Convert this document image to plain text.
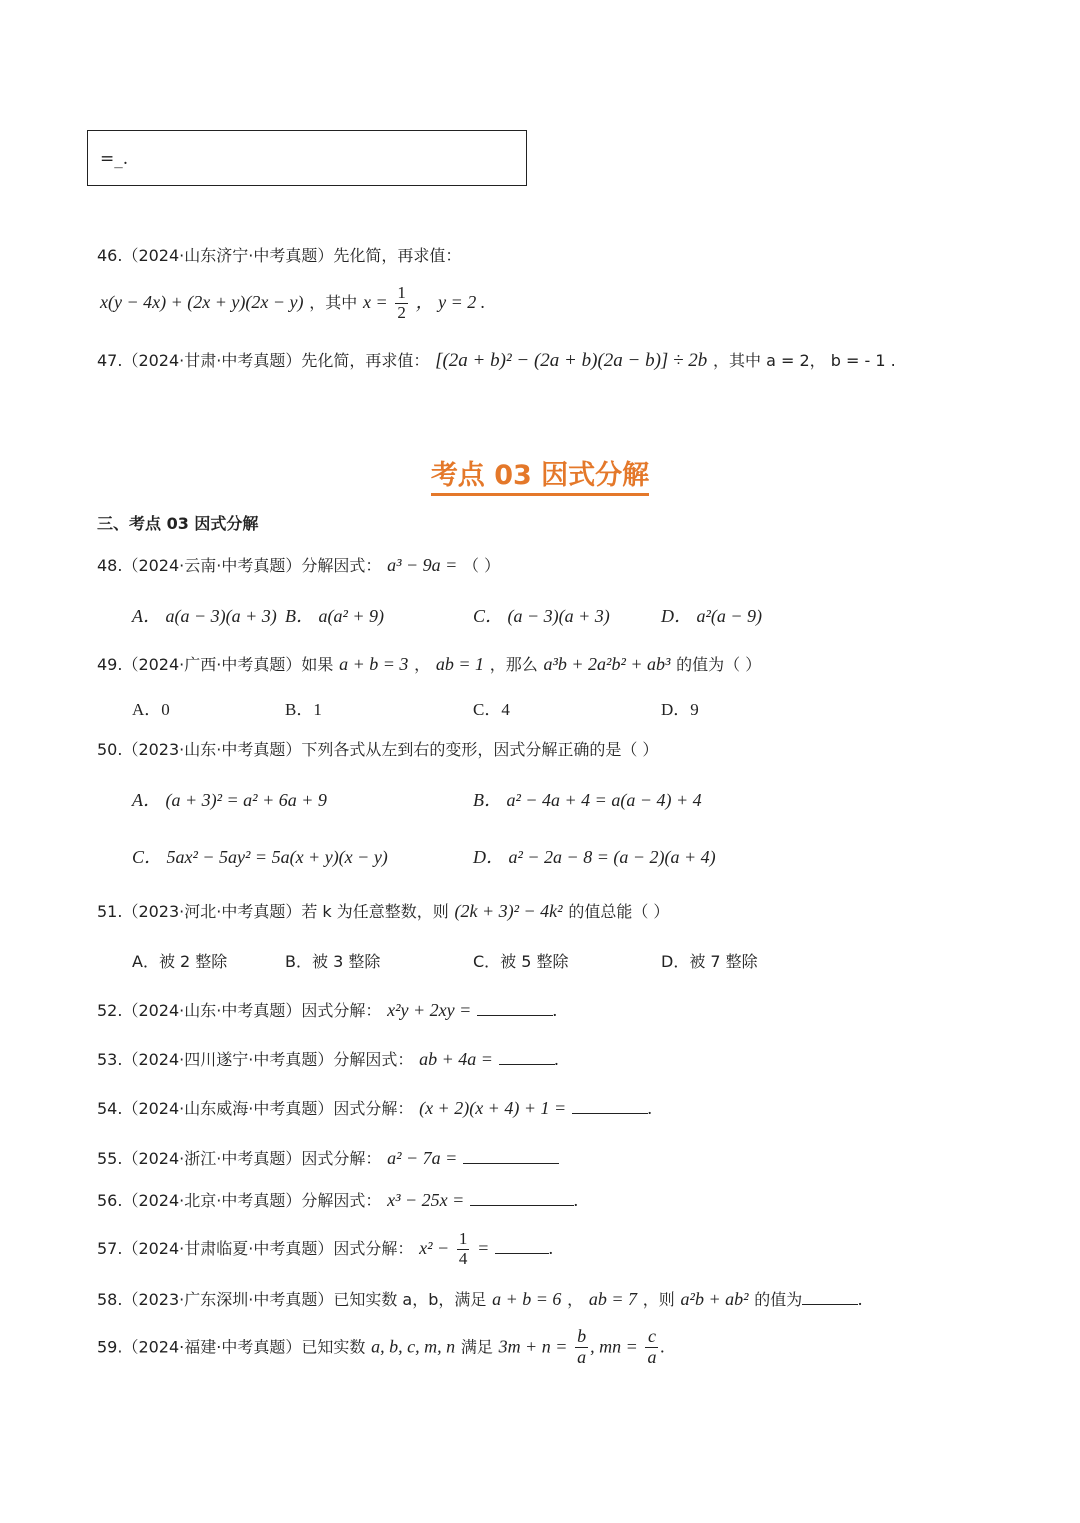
=_.
46.（2024·山东济宁·中考真题）先化简，再求值：
x(y − 4x) + (2x + y)(2x − y) ，其中 $x = \frac{1}{2}$ ， y = 2 .
47.（2024·甘肃·中考真题）先化简，再求值： [(2a + b)² − (2a + b)(2a − b)] ÷ 2b ，其中 a = 2， b = - 1 .
考点 03 因式分解
三、考点 03 因式分解
48.（2024·云南·中考真题）分解因式： a³ − 9a = （ ）
A． a(a − 3)(a + 3) B． a(a² + 9)	C． (a − 3)(a + 3)	D． a²(a − 9)
49.（2024·广西·中考真题）如果 a + b = 3 ， ab = 1 ，那么 a³b + 2a²b² + ab³ 的值为（ ）
A．0	B．1	C．4	D．9
50.（2023·山东·中考真题）下列各式从左到右的变形，因式分解正确的是（ ）
A． (a + 3)² = a² + 6a + 9	B． a² − 4a + 4 = a(a − 4) + 4
C． 5ax² − 5ay² = 5a(x + y)(x − y)	D． a² − 2a − 8 = (a − 2)(a + 4)
51.（2023·河北·中考真题）若 k 为任意整数，则 (2k + 3)² − 4k² 的值总能（ ）
A．被 2 整除	B．被 3 整除	C．被 5 整除	D．被 7 整除
52.（2024·山东·中考真题）因式分解： x²y + 2xy =	.
53.（2024·四川遂宁·中考真题）分解因式： ab + 4a =	.
54.（2024·山东威海·中考真题）因式分解： (x + 2)(x + 4) + 1 =	.
55.（2024·浙江·中考真题）因式分解： a² − 7a =
56.（2024·北京·中考真题）分解因式： x³ − 25x =	.
57.（2024·甘肃临夏·中考真题）因式分解： $x^2 - \frac{1}{4}$ =	.
58.（2023·广东深圳·中考真题）已知实数 a，b，满足 a + b = 6 ， ab = 7 ，则 a²b + ab² 的值为	.
59.（2024·福建·中考真题）已知实数 a, b, c, m, n 满足 $3m + n = \frac{b}{a}$ , mn = $\frac{c}{a}$ .
